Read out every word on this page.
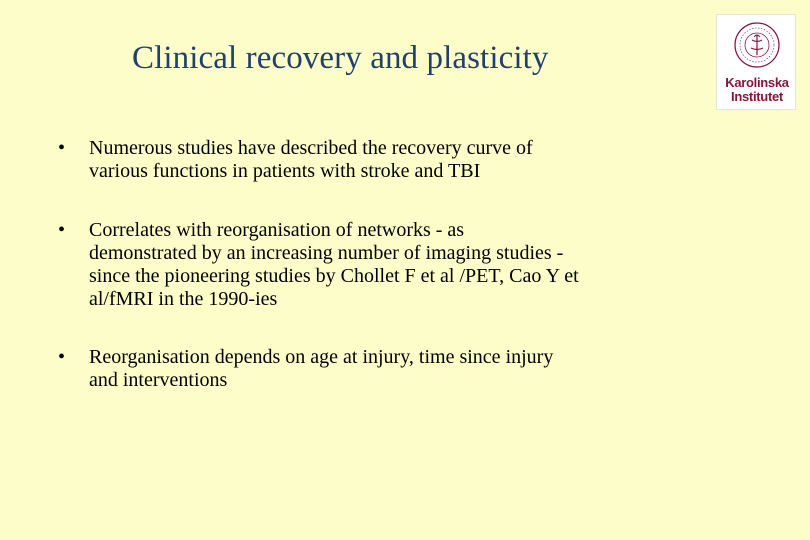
Clinical recovery and plasticity
Karolinska
Institutet
• Numerous studies have described the recovery curve of
various functions in patients with stroke and TBI
• Correlates with reorganisation of networks - as
demonstrated by an increasing number of imaging studies -
since the pioneering studies by Chollet F et al /PET, Cao Y et
al/fMRI in the 1990-ies
• Reorganisation depends on age at injury, time since injury
and interventions
